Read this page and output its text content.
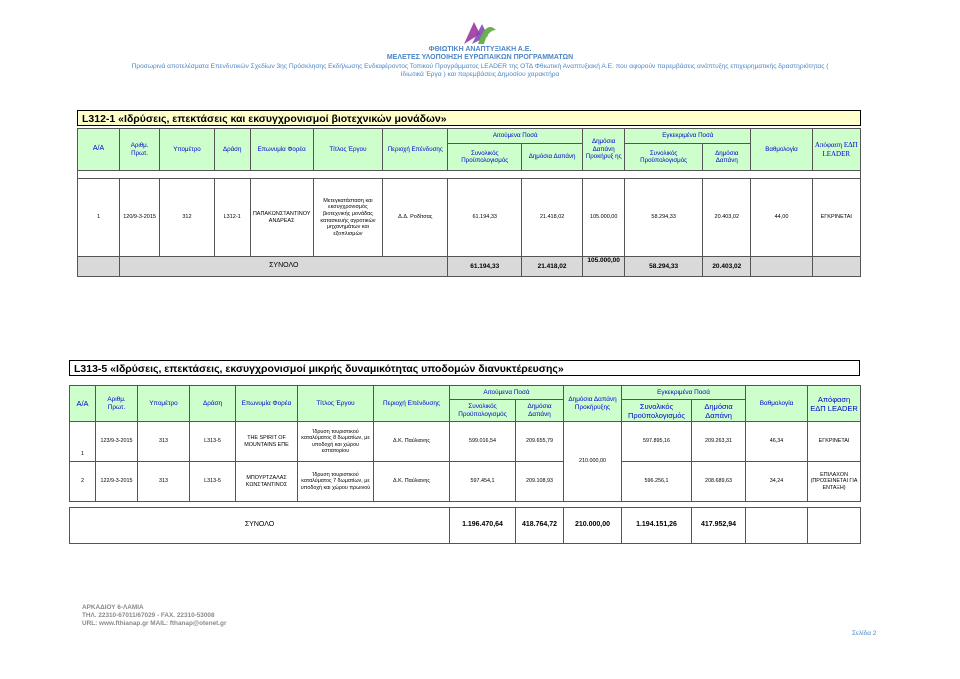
ΦΘΙΩΤΙΚΗ ΑΝΑΠΤΥΞΙΑΚΗ Α.Ε.
ΜΕΛΕΤΕΣ ΥΛΟΠΟΙΗΣΗ ΕΥΡΩΠΑΙΚΩΝ ΠΡΟΓΡΑΜΜΑΤΩΝ
Προσωρινά αποτελέσματα Επενδυτικών Σχεδίων 3ης Πρόσκλησης Εκδήλωσης Ενδιαφέροντος Τοπικού Προγράμματος LEADER της ΟΤΔ Φθιωτική Αναπτυξιακή Α.Ε. που αφορούν παρεμβάσεις ανάπτυξης επιχειρηματικής δραστηριότητας (
Ιδιωτικά Έργα ) και παρεμβάσεις Δημοσίου χαρακτήρα
L312-1 «Ιδρύσεις, επεκτάσεις και εκσυγχρονισμοί βιοτεχνικών μονάδων»
Α/Α	Αριθμ. Πρωτ.	Υπομέτρο	Δράση	Επωνυμία Φορέα	Τίτλος Έργου	Περιοχή Επένδυσης	Αιτούμενα Ποσά		Δημόσια Δαπάνη Προκήρυξ ης	Εγκεκριμένα Ποσά		Βαθμολογία	Απόφαση ΕΔΠ LEADER
							Συνολικός Προϋπολογισμός	Δημόσια Δαπάνη		Συνολικός Προϋπολογισμός	Δημόσια Δαπάνη		

1	120/9-3-2015	312	L312-1	ΠΑΠΑΚΩΝΣΤΑΝΤΙΝΟΥ ΑΝΔΡΕΑΣ	Μετεγκατάσταση και εκσυγχρονισμός βιοτεχνικής μονάδας κατασκευής αγροτικών μηχανημάτων και εξοπλισμών	Δ.Δ. Ροδίτσας	61.194,33	21.418,02	105.000,00	58.294,33	20.403,02	44,00	ΕΓΚΡΙΝΕΤΑΙ
	ΣΥΝΟΛΟ						61.194,33	21.418,02	105.000,00	58.294,33	20.403,02		
L313-5 «Ιδρύσεις, επεκτάσεις, εκσυγχρονισμοί μικρής δυναμικότητας υποδομών διανυκτέρευσης»
Α/Α	Αριθμ. Πρωτ.	Υπομέτρο	Δράση	Επωνυμία Φορέα	Τίτλος Έργου	Περιοχή Επένδυσης	Αιτούμενα Ποσά		Δημόσια Δαπάνη Προκήρυξης	Εγκεκριμένα Ποσά		Βαθμολογία	Απόφαση ΕΔΠ LEADER
							Συνολικός Προϋπολογισμός	Δημόσια Δαπάνη		Συνολικός Προϋπολογισμός	Δημόσια Δαπάνη		
1	123/9-3-2015	313	L313-5	THE SPIRIT OF MOUNTAINS ΕΠΕ	Ίδρυση τουριστικού καταλύματος 8 δωματίων, με υποδοχή και χώρου εστιατορίου	Δ.Κ. Παύλιανης	599.016,54	209.655,79	210.000,00	597.895,16	209.263,31	46,34	ΕΓΚΡΙΝΕΤΑΙ
2	122/9-3-2015	313	L313-5	ΜΠΟΥΡΤΖΑΛΑΣ ΚΩΝΣΤΑΝΤΙΝΟΣ	Ίδρυση τουριστικού καταλύματος 7 δωματίων, με υποδοχή και χώρου πρωινού	Δ.Κ. Παύλιανης	597.454,1	209.108,93		596.256,1	208.689,63	34,24	ΕΠΙΛΑΧΟΝ (ΠΡΟΣΕΙΝΕΤΑΙ ΓΙΑ ΕΝΤΑΞΗ)

ΣΥΝΟΛΟ							1.196.470,64	418.764,72	210.000,00	1.194.151,26	417.952,94		
ΑΡΚΑΔΙΟΥ 6-ΛΑΜΙΑ
ΤΗΛ. 22310-67011/67029 - FAX. 22310-53008
URL: www.fthianap.gr MAIL: fthanap@otenet.gr
Σελίδα 2
